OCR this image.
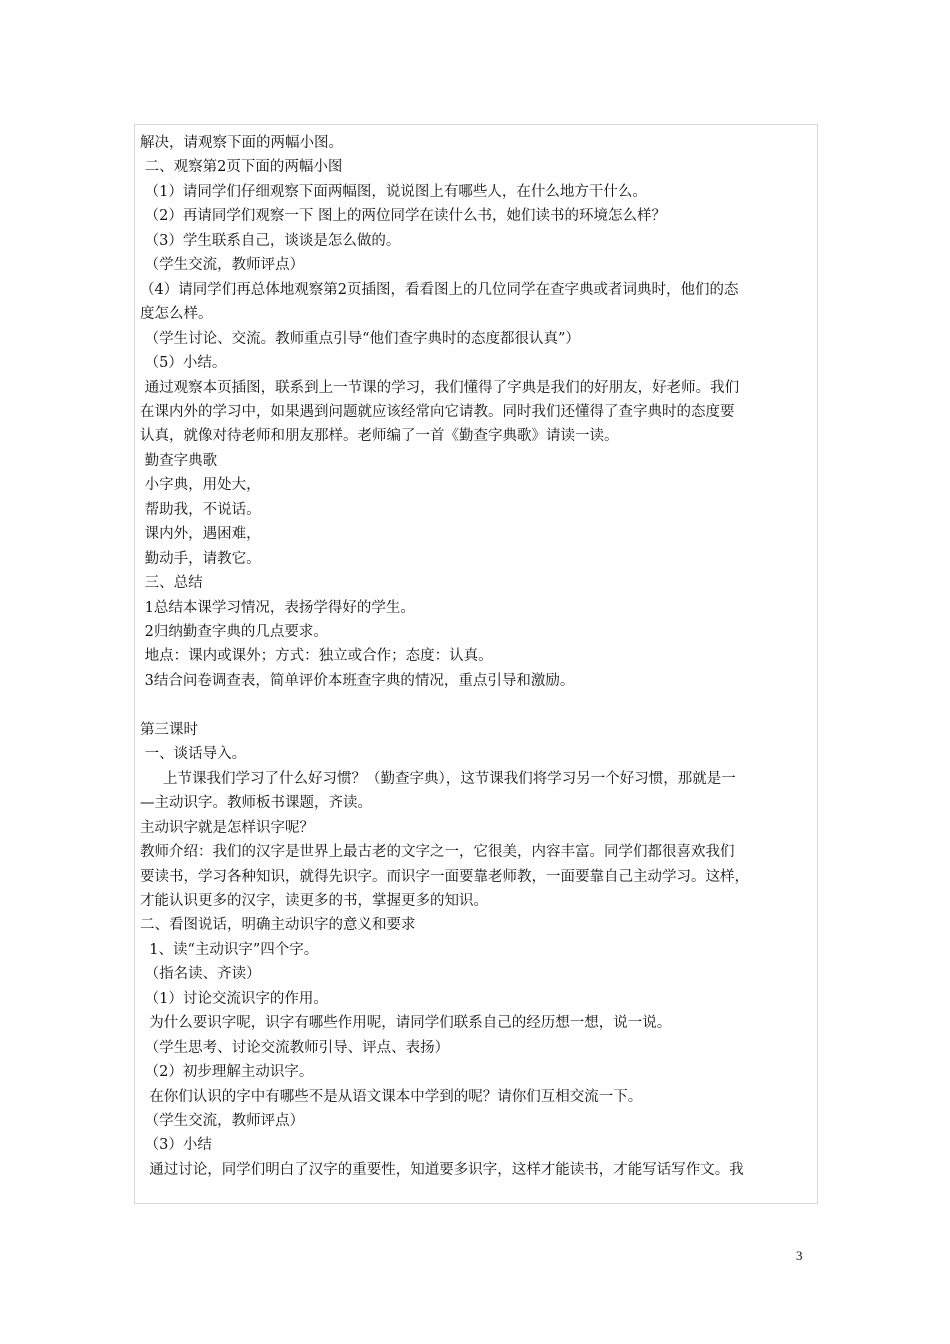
解决，请观察下面的两幅小图。
二、观察第2页下面的两幅小图
（1）请同学们仔细观察下面两幅图，说说图上有哪些人，在什么地方干什么。
（2）再请同学们观察一下 图上的两位同学在读什么书，她们读书的环境怎么样？
（3）学生联系自己，谈谈是怎么做的。
（学生交流，教师评点）
（4）请同学们再总体地观察第2页插图，看看图上的几位同学在查字典或者词典时，他们的态
度怎么样。
（学生讨论、交流。教师重点引导“他们查字典时的态度都很认真”）
（5）小结。
通过观察本页插图，联系到上一节课的学习，我们懂得了字典是我们的好朋友，好老师。我们
在课内外的学习中，如果遇到问题就应该经常向它请教。同时我们还懂得了查字典时的态度要
认真，就像对待老师和朋友那样。老师编了一首《勤查字典歌》请读一读。
勤查字典歌
小字典，用处大，
帮助我，不说话。
课内外，遇困难，
勤动手，请教它。
三、总结
1总结本课学习情况，表扬学得好的学生。
2归纳勤查字典的几点要求。
地点：课内或课外；方式：独立或合作；态度：认真。
3结合问卷调查表，简单评价本班查字典的情况，重点引导和激励。
第三课时
一、谈话导入。
上节课我们学习了什么好习惯？（勤查字典），这节课我们将学习另一个好习惯，那就是一
—主动识字。教师板书课题，齐读。
主动识字就是怎样识字呢？
教师介绍：我们的汉字是世界上最古老的文字之一，它很美，内容丰富。同学们都很喜欢我们
要读书，学习各种知识，就得先识字。而识字一面要靠老师教，一面要靠自己主动学习。这样，
才能认识更多的汉字，读更多的书，掌握更多的知识。
二、看图说话，明确主动识字的意义和要求
1、读“主动识字”四个字。
（指名读、齐读）
（1）讨论交流识字的作用。
为什么要识字呢，识字有哪些作用呢，请同学们联系自己的经历想一想，说一说。
（学生思考、讨论交流教师引导、评点、表扬）
（2）初步理解主动识字。
在你们认识的字中有哪些不是从语文课本中学到的呢？请你们互相交流一下。
（学生交流，教师评点）
（3）小结
通过讨论，同学们明白了汉字的重要性，知道要多识字，这样才能读书，才能写话写作文。我
3
